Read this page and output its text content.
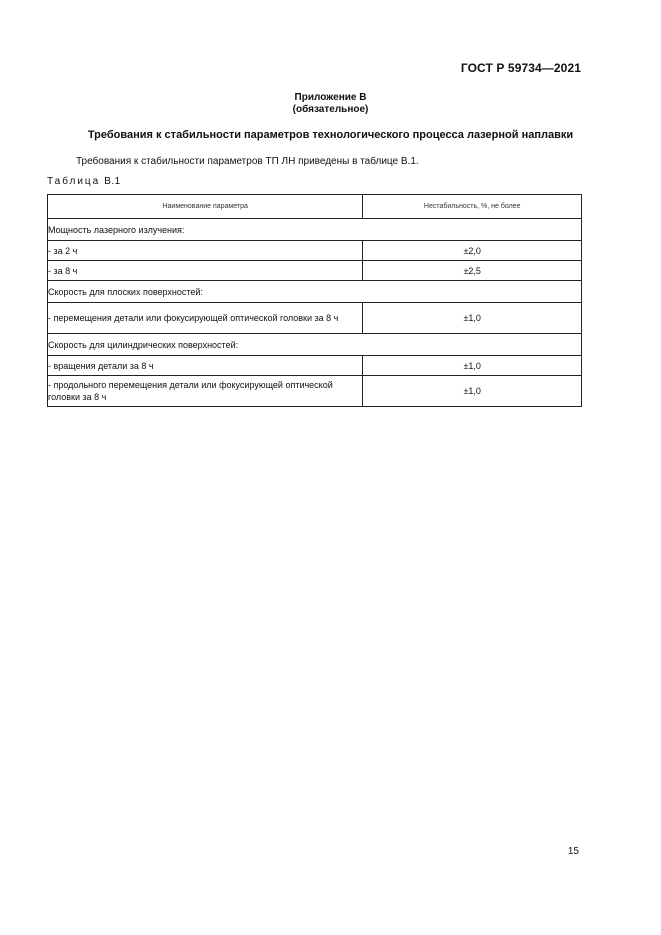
ГОСТ Р 59734—2021
Приложение В
(обязательное)
Требования к стабильности параметров технологического процесса лазерной наплавки
Требования к стабильности параметров ТП ЛН приведены в таблице В.1.
Таблица В.1
Наименование параметра	Нестабильность, %, не более
Мощность лазерного излучения:	
- за 2 ч	±2,0
- за 8 ч	±2,5
Скорость для плоских поверхностей:	
- перемещения детали или фокусирующей оптической головки за 8 ч	±1,0
Скорость для цилиндрических поверхностей:	
- вращения детали за 8 ч	±1,0
- продольного перемещения детали или фокусирующей оптической головки за 8 ч	±1,0
15
